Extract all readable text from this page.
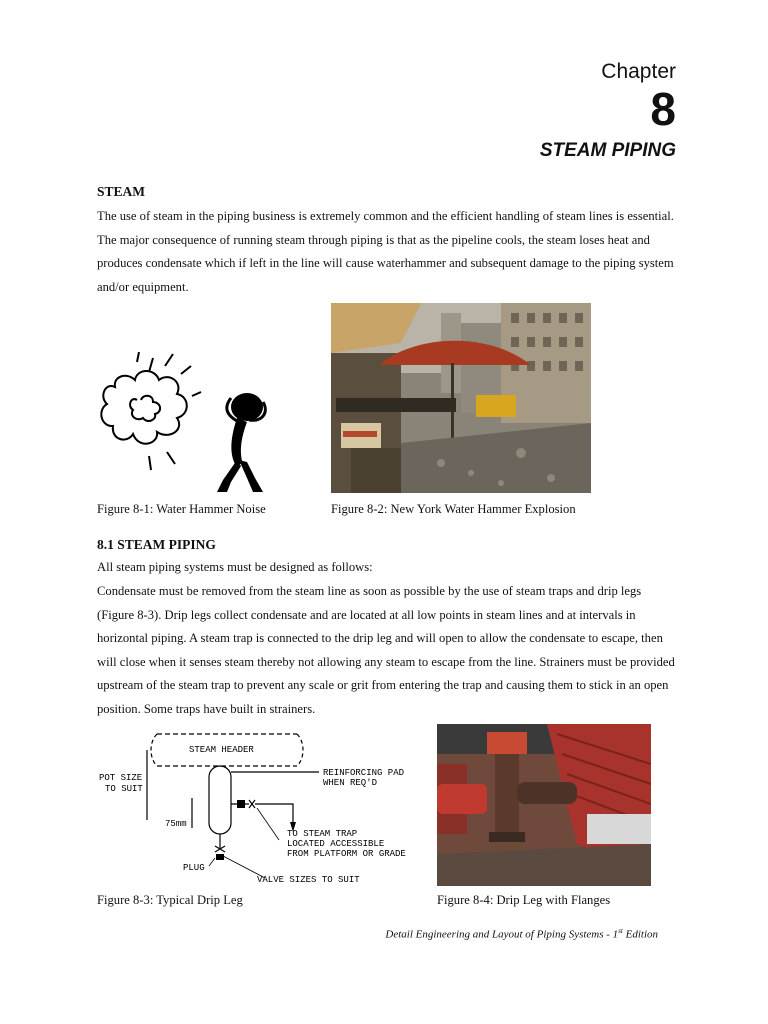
Chapter
8
STEAM PIPING
STEAM

The use of steam in the piping business is extremely common and the efficient handling of steam lines is essential. The major consequence of running steam through piping is that as the pipeline cools, the steam loses heat and produces condensate which if left in the line will cause waterhammer and subsequent damage to the piping system and/or equipment.

Figure 8-1: Water Hammer Noise	Figure 8-2: New York Water Hammer Explosion
8.1 STEAM PIPING

All steam piping systems must be designed as follows:

Condensate must be removed from the steam line as soon as possible by the use of steam traps and drip legs (Figure 8-3). Drip legs collect condensate and are located at all low points in steam lines and at intervals in horizontal piping. A steam trap is connected to the drip leg and will open to allow the condensate to escape, then will close when it senses steam thereby not allowing any steam to escape from the line. Strainers must be provided upstream of the steam trap to prevent any scale or grit from entering the trap and causing them to stick in an open position. Some traps have built in strainers.

STEAM HEADER
POT SIZE
TO SUIT
REINFORCING PAD
WHEN REQ'D
75mm
TO STEAM TRAP
LOCATED ACCESSIBLE
FROM PLATFORM OR GRADE
PLUG
VALVE SIZES TO SUIT
Figure 8-3: Typical Drip Leg	Figure 8-4: Drip Leg with Flanges
Detail Engineering and Layout of Piping Systems - 1st Edition
